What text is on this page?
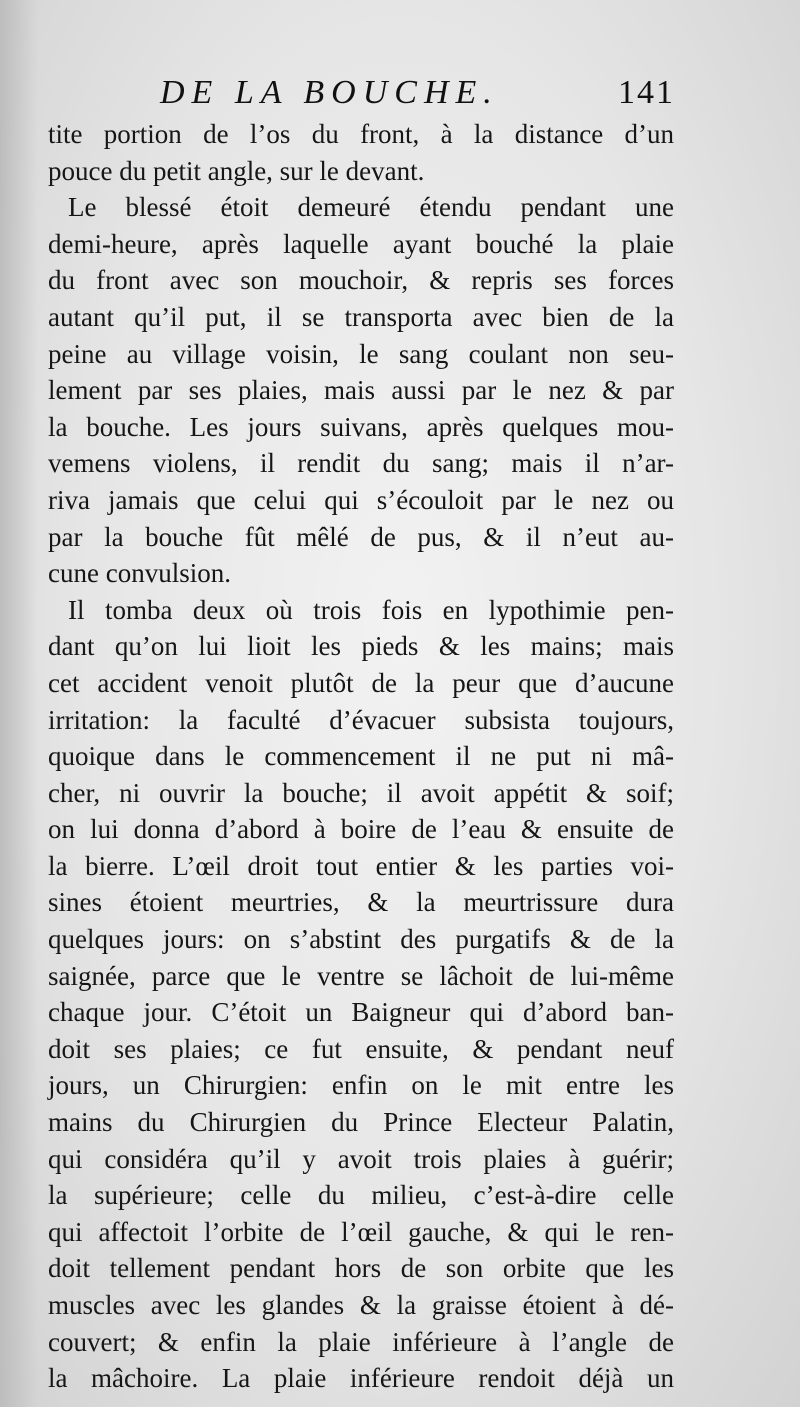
DE LA BOUCHE.	141
tite portion de l’os du front, à la distance d’un
pouce du petit angle, sur le devant.
Le blessé étoit demeuré étendu pendant une
demi-heure, après laquelle ayant bouché la plaie
du front avec son mouchoir, & repris ses forces
autant qu’il put, il se transporta avec bien de la
peine au village voisin, le sang coulant non seu-
lement par ses plaies, mais aussi par le nez & par
la bouche. Les jours suivans, après quelques mou-
vemens violens, il rendit du sang; mais il n’ar-
riva jamais que celui qui s’écouloit par le nez ou
par la bouche fût mêlé de pus, & il n’eut au-
cune convulsion.
Il tomba deux où trois fois en lypothimie pen-
dant qu’on lui lioit les pieds & les mains; mais
cet accident venoit plutôt de la peur que d’aucune
irritation: la faculté d’évacuer subsista toujours,
quoique dans le commencement il ne put ni mâ-
cher, ni ouvrir la bouche; il avoit appétit & soif;
on lui donna d’abord à boire de l’eau & ensuite de
la bierre. L’œil droit tout entier & les parties voi-
sines étoient meurtries, & la meurtrissure dura
quelques jours: on s’abstint des purgatifs & de la
saignée, parce que le ventre se lâchoit de lui-même
chaque jour. C’étoit un Baigneur qui d’abord ban-
doit ses plaies; ce fut ensuite, & pendant neuf
jours, un Chirurgien: enfin on le mit entre les
mains du Chirurgien du Prince Electeur Palatin,
qui considéra qu’il y avoit trois plaies à guérir;
la supérieure; celle du milieu, c’est-à-dire celle
qui affectoit l’orbite de l’œil gauche, & qui le ren-
doit tellement pendant hors de son orbite que les
muscles avec les glandes & la graisse étoient à dé-
couvert; & enfin la plaie inférieure à l’angle de
la mâchoire. La plaie inférieure rendoit déjà un
